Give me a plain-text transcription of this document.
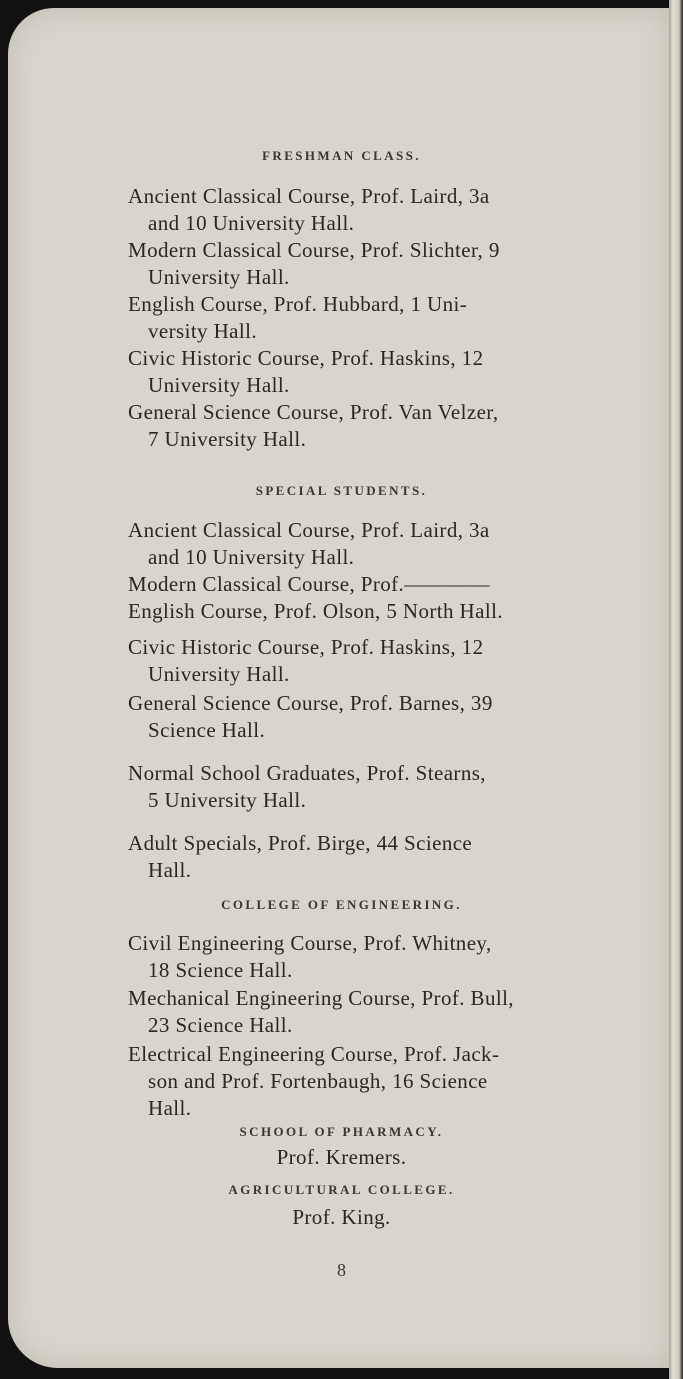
FRESHMAN CLASS.
Ancient Classical Course, Prof. Laird, 3a
and 10 University Hall.
Modern Classical Course, Prof. Slichter, 9
University Hall.
English Course, Prof. Hubbard, 1 Uni-
versity Hall.
Civic Historic Course, Prof. Haskins, 12
University Hall.
General Science Course, Prof. Van Velzer,
7 University Hall.
SPECIAL STUDENTS.
Ancient Classical Course, Prof. Laird, 3a
and 10 University Hall.
Modern Classical Course, Prof.————
English Course, Prof. Olson, 5 North Hall.
Civic Historic Course, Prof. Haskins, 12
University Hall.
General Science Course, Prof. Barnes, 39
Science Hall.
Normal School Graduates, Prof. Stearns,
5 University Hall.
Adult Specials, Prof. Birge, 44 Science
Hall.
COLLEGE OF ENGINEERING.
Civil Engineering Course, Prof. Whitney,
18 Science Hall.
Mechanical Engineering Course, Prof. Bull,
23 Science Hall.
Electrical Engineering Course, Prof. Jack-
son and Prof. Fortenbaugh, 16 Science
Hall.
SCHOOL OF PHARMACY.
Prof. Kremers.
AGRICULTURAL COLLEGE.
Prof. King.
8
